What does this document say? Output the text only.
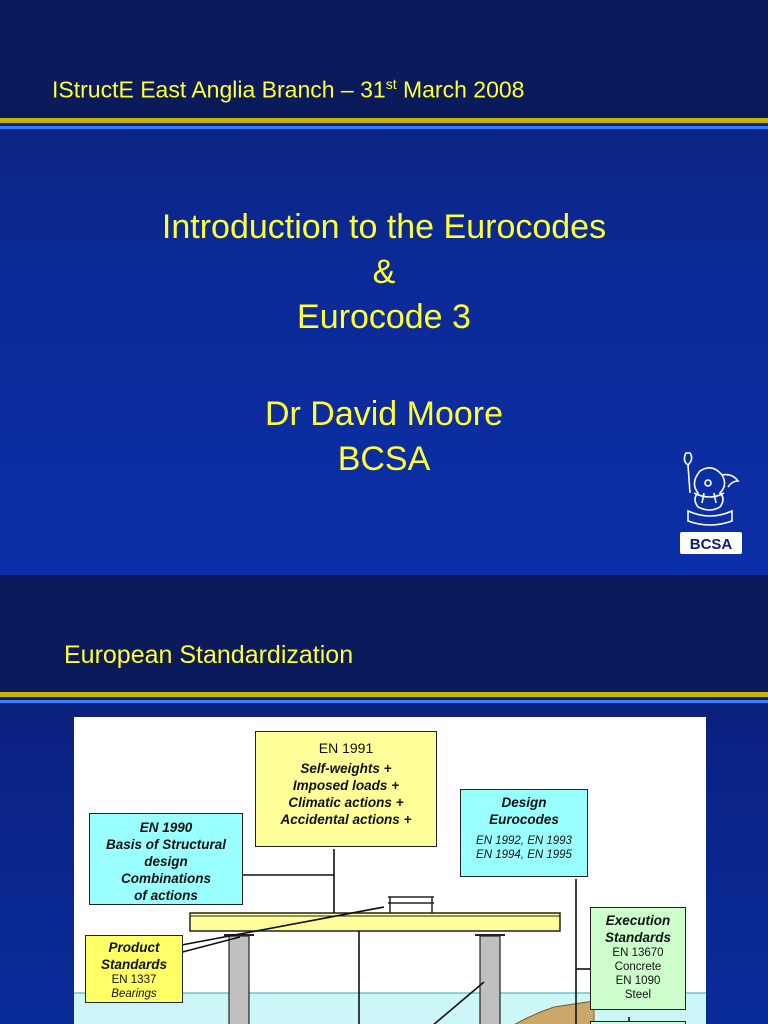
IStructE East Anglia Branch – 31st March 2008

Introduction to the Eurocodes
&
Eurocode 3
Dr David Moore
BCSA
BCSA

European Standardization

EN 1991
Self-weights +
Imposed loads +
Climatic actions +
Accidental actions +
EN 1990
Basis of Structural
design
Combinations
of actions
Design
Eurocodes
EN 1992, EN 1993
EN 1994, EN 1995
Product
Standards
EN 1337
Bearings
Execution
Standards
EN 13670
Concrete
EN 1090
Steel
